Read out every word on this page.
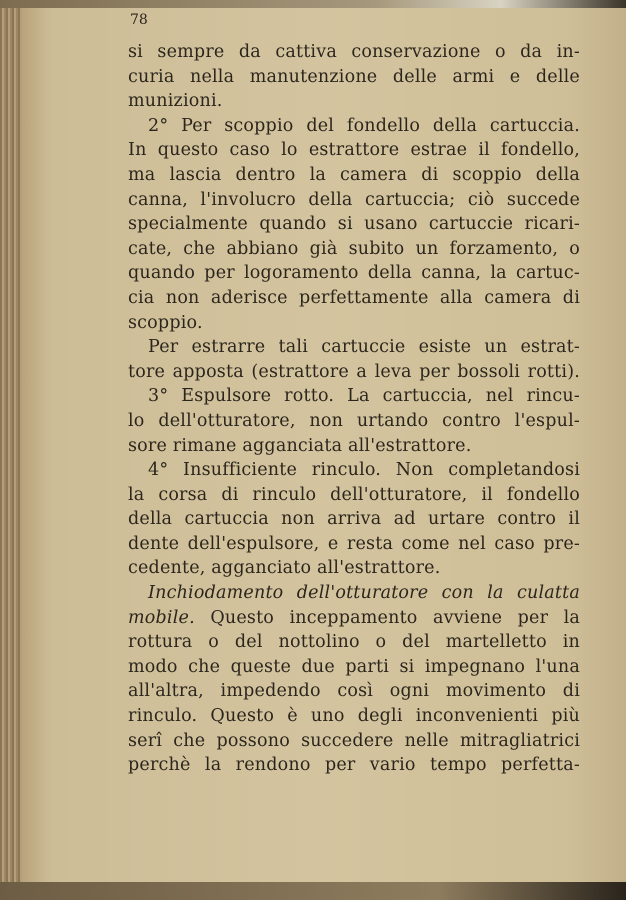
78
si sempre da cattiva conservazione o da in-
curia nella manutenzione delle armi e delle
munizioni.
2° Per scoppio del fondello della cartuccia.
In questo caso lo estrattore estrae il fondello,
ma lascia dentro la camera di scoppio della
canna, l'involucro della cartuccia; ciò succede
specialmente quando si usano cartuccie ricari-
cate, che abbiano già subito un forzamento, o
quando per logoramento della canna, la cartuc-
cia non aderisce perfettamente alla camera di
scoppio.
Per estrarre tali cartuccie esiste un estrat-
tore apposta (estrattore a leva per bossoli rotti).
3° Espulsore rotto. La cartuccia, nel rincu-
lo dell'otturatore, non urtando contro l'espul-
sore rimane agganciata all'estrattore.
4° Insufficiente rinculo. Non completandosi
la corsa di rinculo dell'otturatore, il fondello
della cartuccia non arriva ad urtare contro il
dente dell'espulsore, e resta come nel caso pre-
cedente, agganciato all'estrattore.
Inchiodamento dell'otturatore con la culatta
mobile. Questo inceppamento avviene per la
rottura o del nottolino o del martelletto in
modo che queste due parti si impegnano l'una
all'altra, impedendo così ogni movimento di
rinculo. Questo è uno degli inconvenienti più
serî che possono succedere nelle mitragliatrici
perchè la rendono per vario tempo perfetta-
